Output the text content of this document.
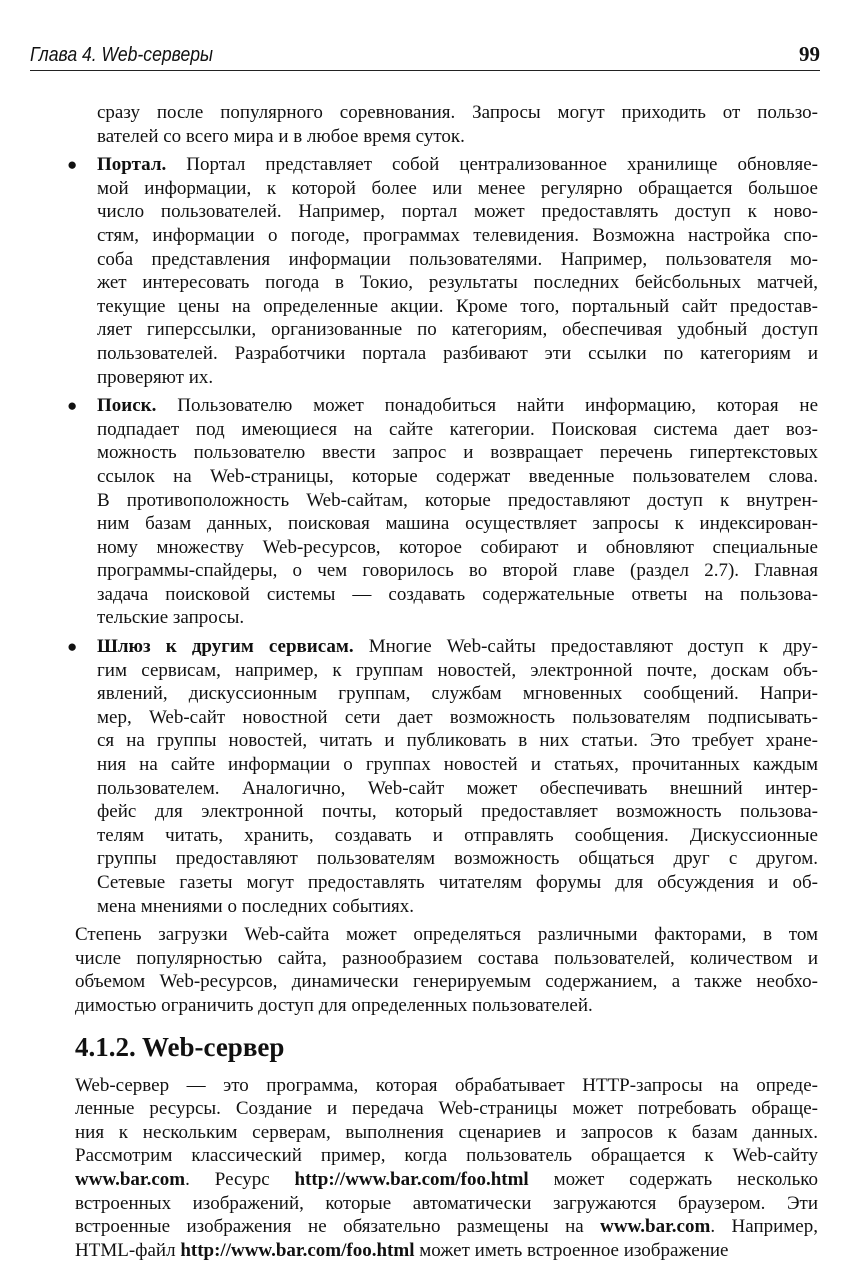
Глава 4. Web-серверы	99
сразу после популярного соревнования. Запросы могут приходить от пользо-
вателей со всего мира и в любое время суток.
● Портал. Портал представляет собой централизованное хранилище обновляе-
мой информации, к которой более или менее регулярно обращается большое
число пользователей. Например, портал может предоставлять доступ к ново-
стям, информации о погоде, программах телевидения. Возможна настройка спо-
соба представления информации пользователями. Например, пользователя мо-
жет интересовать погода в Токио, результаты последних бейсбольных матчей,
текущие цены на определенные акции. Кроме того, портальный сайт предостав-
ляет гиперссылки, организованные по категориям, обеспечивая удобный доступ
пользователей. Разработчики портала разбивают эти ссылки по категориям и
проверяют их.
● Поиск. Пользователю может понадобиться найти информацию, которая не
подпадает под имеющиеся на сайте категории. Поисковая система дает воз-
можность пользователю ввести запрос и возвращает перечень гипертекстовых
ссылок на Web-страницы, которые содержат введенные пользователем слова.
В противоположность Web-сайтам, которые предоставляют доступ к внутрен-
ним базам данных, поисковая машина осуществляет запросы к индексирован-
ному множеству Web-ресурсов, которое собирают и обновляют специальные
программы-спайдеры, о чем говорилось во второй главе (раздел 2.7). Главная
задача поисковой системы — создавать содержательные ответы на пользова-
тельские запросы.
● Шлюз к другим сервисам. Многие Web-сайты предоставляют доступ к дру-
гим сервисам, например, к группам новостей, электронной почте, доскам объ-
явлений, дискуссионным группам, службам мгновенных сообщений. Напри-
мер, Web-сайт новостной сети дает возможность пользователям подписывать-
ся на группы новостей, читать и публиковать в них статьи. Это требует хране-
ния на сайте информации о группах новостей и статьях, прочитанных каждым
пользователем. Аналогично, Web-сайт может обеспечивать внешний интер-
фейс для электронной почты, который предоставляет возможность пользова-
телям читать, хранить, создавать и отправлять сообщения. Дискуссионные
группы предоставляют пользователям возможность общаться друг с другом.
Сетевые газеты могут предоставлять читателям форумы для обсуждения и об-
мена мнениями о последних событиях.
Степень загрузки Web-сайта может определяться различными факторами, в том
числе популярностью сайта, разнообразием состава пользователей, количеством и
объемом Web-ресурсов, динамически генерируемым содержанием, а также необхо-
димостью ограничить доступ для определенных пользователей.
4.1.2. Web-сервер
Web-сервер — это программа, которая обрабатывает HTTP-запросы на опреде-
ленные ресурсы. Создание и передача Web-страницы может потребовать обраще-
ния к нескольким серверам, выполнения сценариев и запросов к базам данных.
Рассмотрим классический пример, когда пользователь обращается к Web-сайту
www.bar.com. Ресурс http://www.bar.com/foo.html может содержать несколько
встроенных изображений, которые автоматически загружаются браузером. Эти
встроенные изображения не обязательно размещены на www.bar.com. Например,
HTML-файл http://www.bar.com/foo.html может иметь встроенное изображение
